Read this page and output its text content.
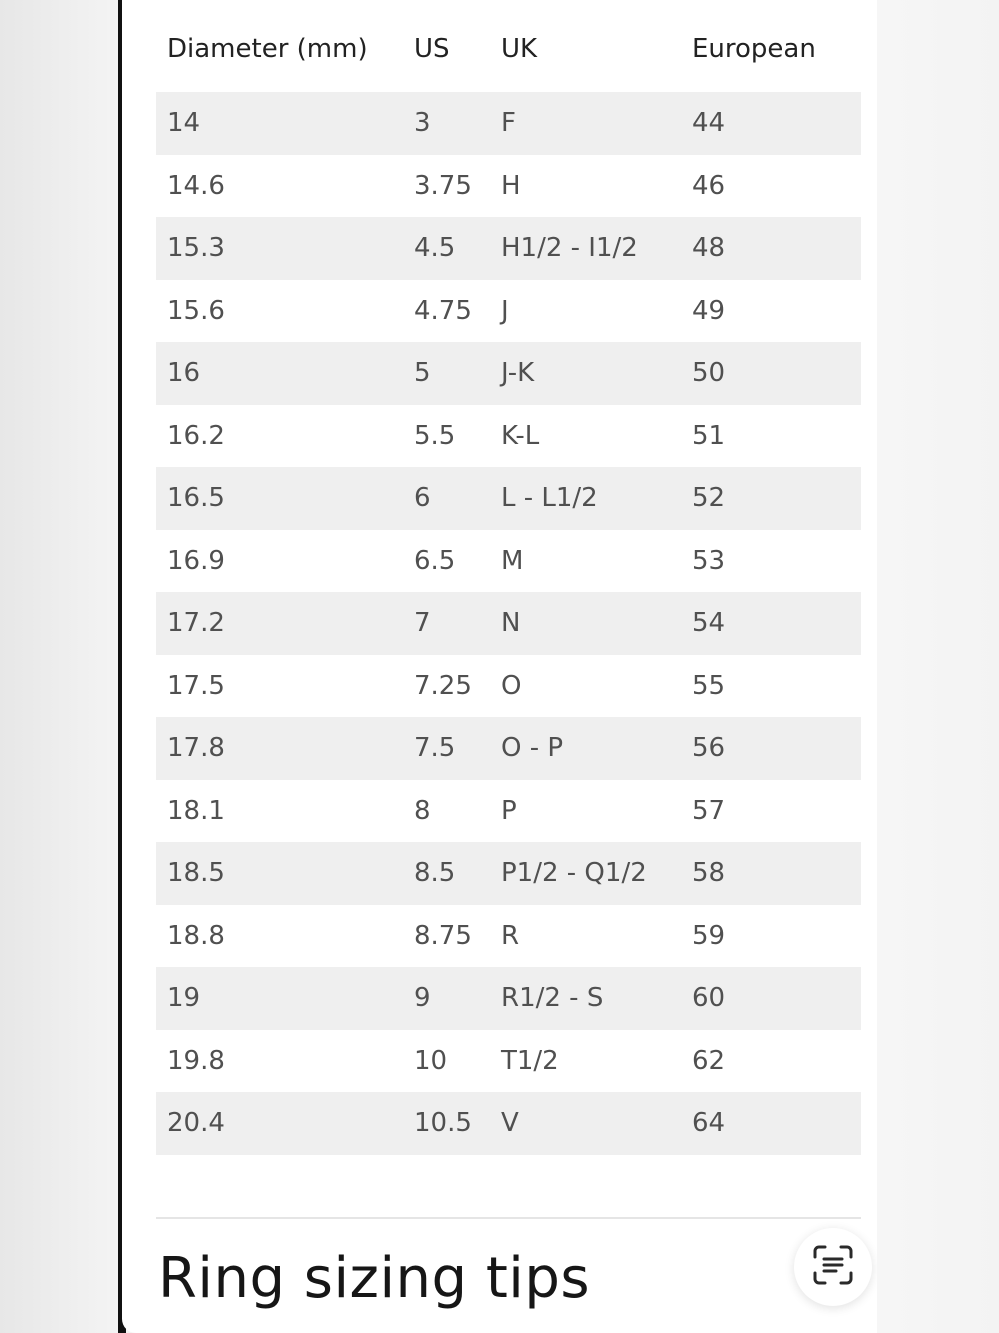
Diameter (mm)	US	UK	European
14	3	F	44
14.6	3.75	H	46
15.3	4.5	H1/2 - I1/2	48
15.6	4.75	J	49
16	5	J-K	50
16.2	5.5	K-L	51
16.5	6	L - L1/2	52
16.9	6.5	M	53
17.2	7	N	54
17.5	7.25	O	55
17.8	7.5	O - P	56
18.1	8	P	57
18.5	8.5	P1/2 - Q1/2	58
18.8	8.75	R	59
19	9	R1/2 - S	60
19.8	10	T1/2	62
20.4	10.5	V	64
Ring sizing tips
